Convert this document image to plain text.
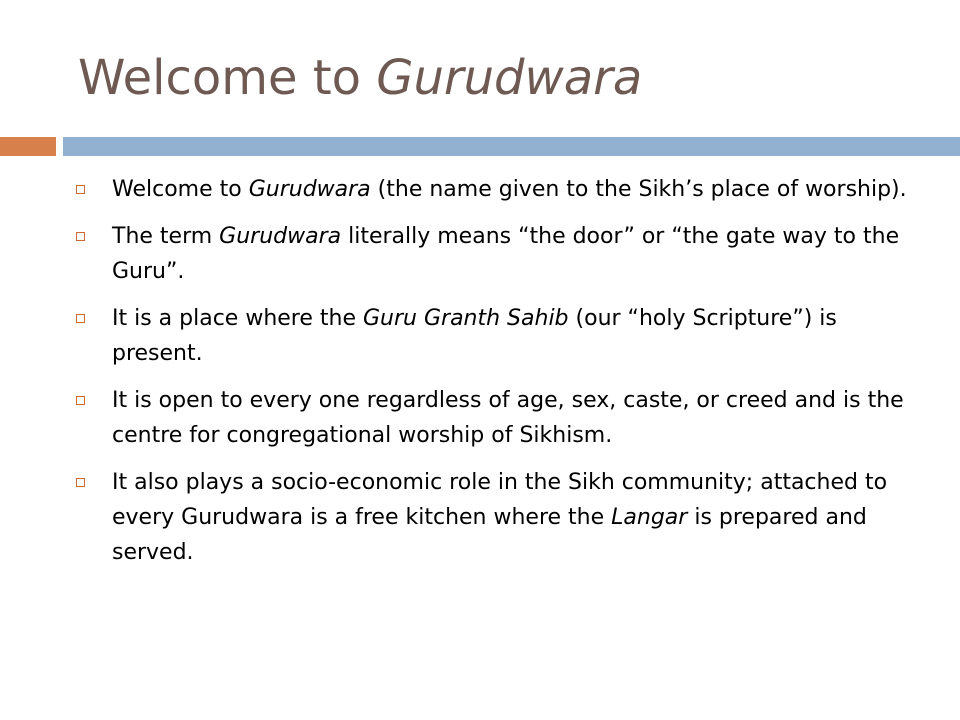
Welcome to Gurudwara
Welcome to Gurudwara (the name given to the Sikh’s place of worship).
The term Gurudwara literally means “the door” or “the gate way to the Guru”.
It is a place where the Guru Granth Sahib (our “holy Scripture”) is present.
It is open to every one regardless of age, sex, caste, or creed and is the centre for congregational worship of Sikhism.
It also plays a socio-economic role in the Sikh community; attached to every Gurudwara is a free kitchen where the Langar is prepared and served.
